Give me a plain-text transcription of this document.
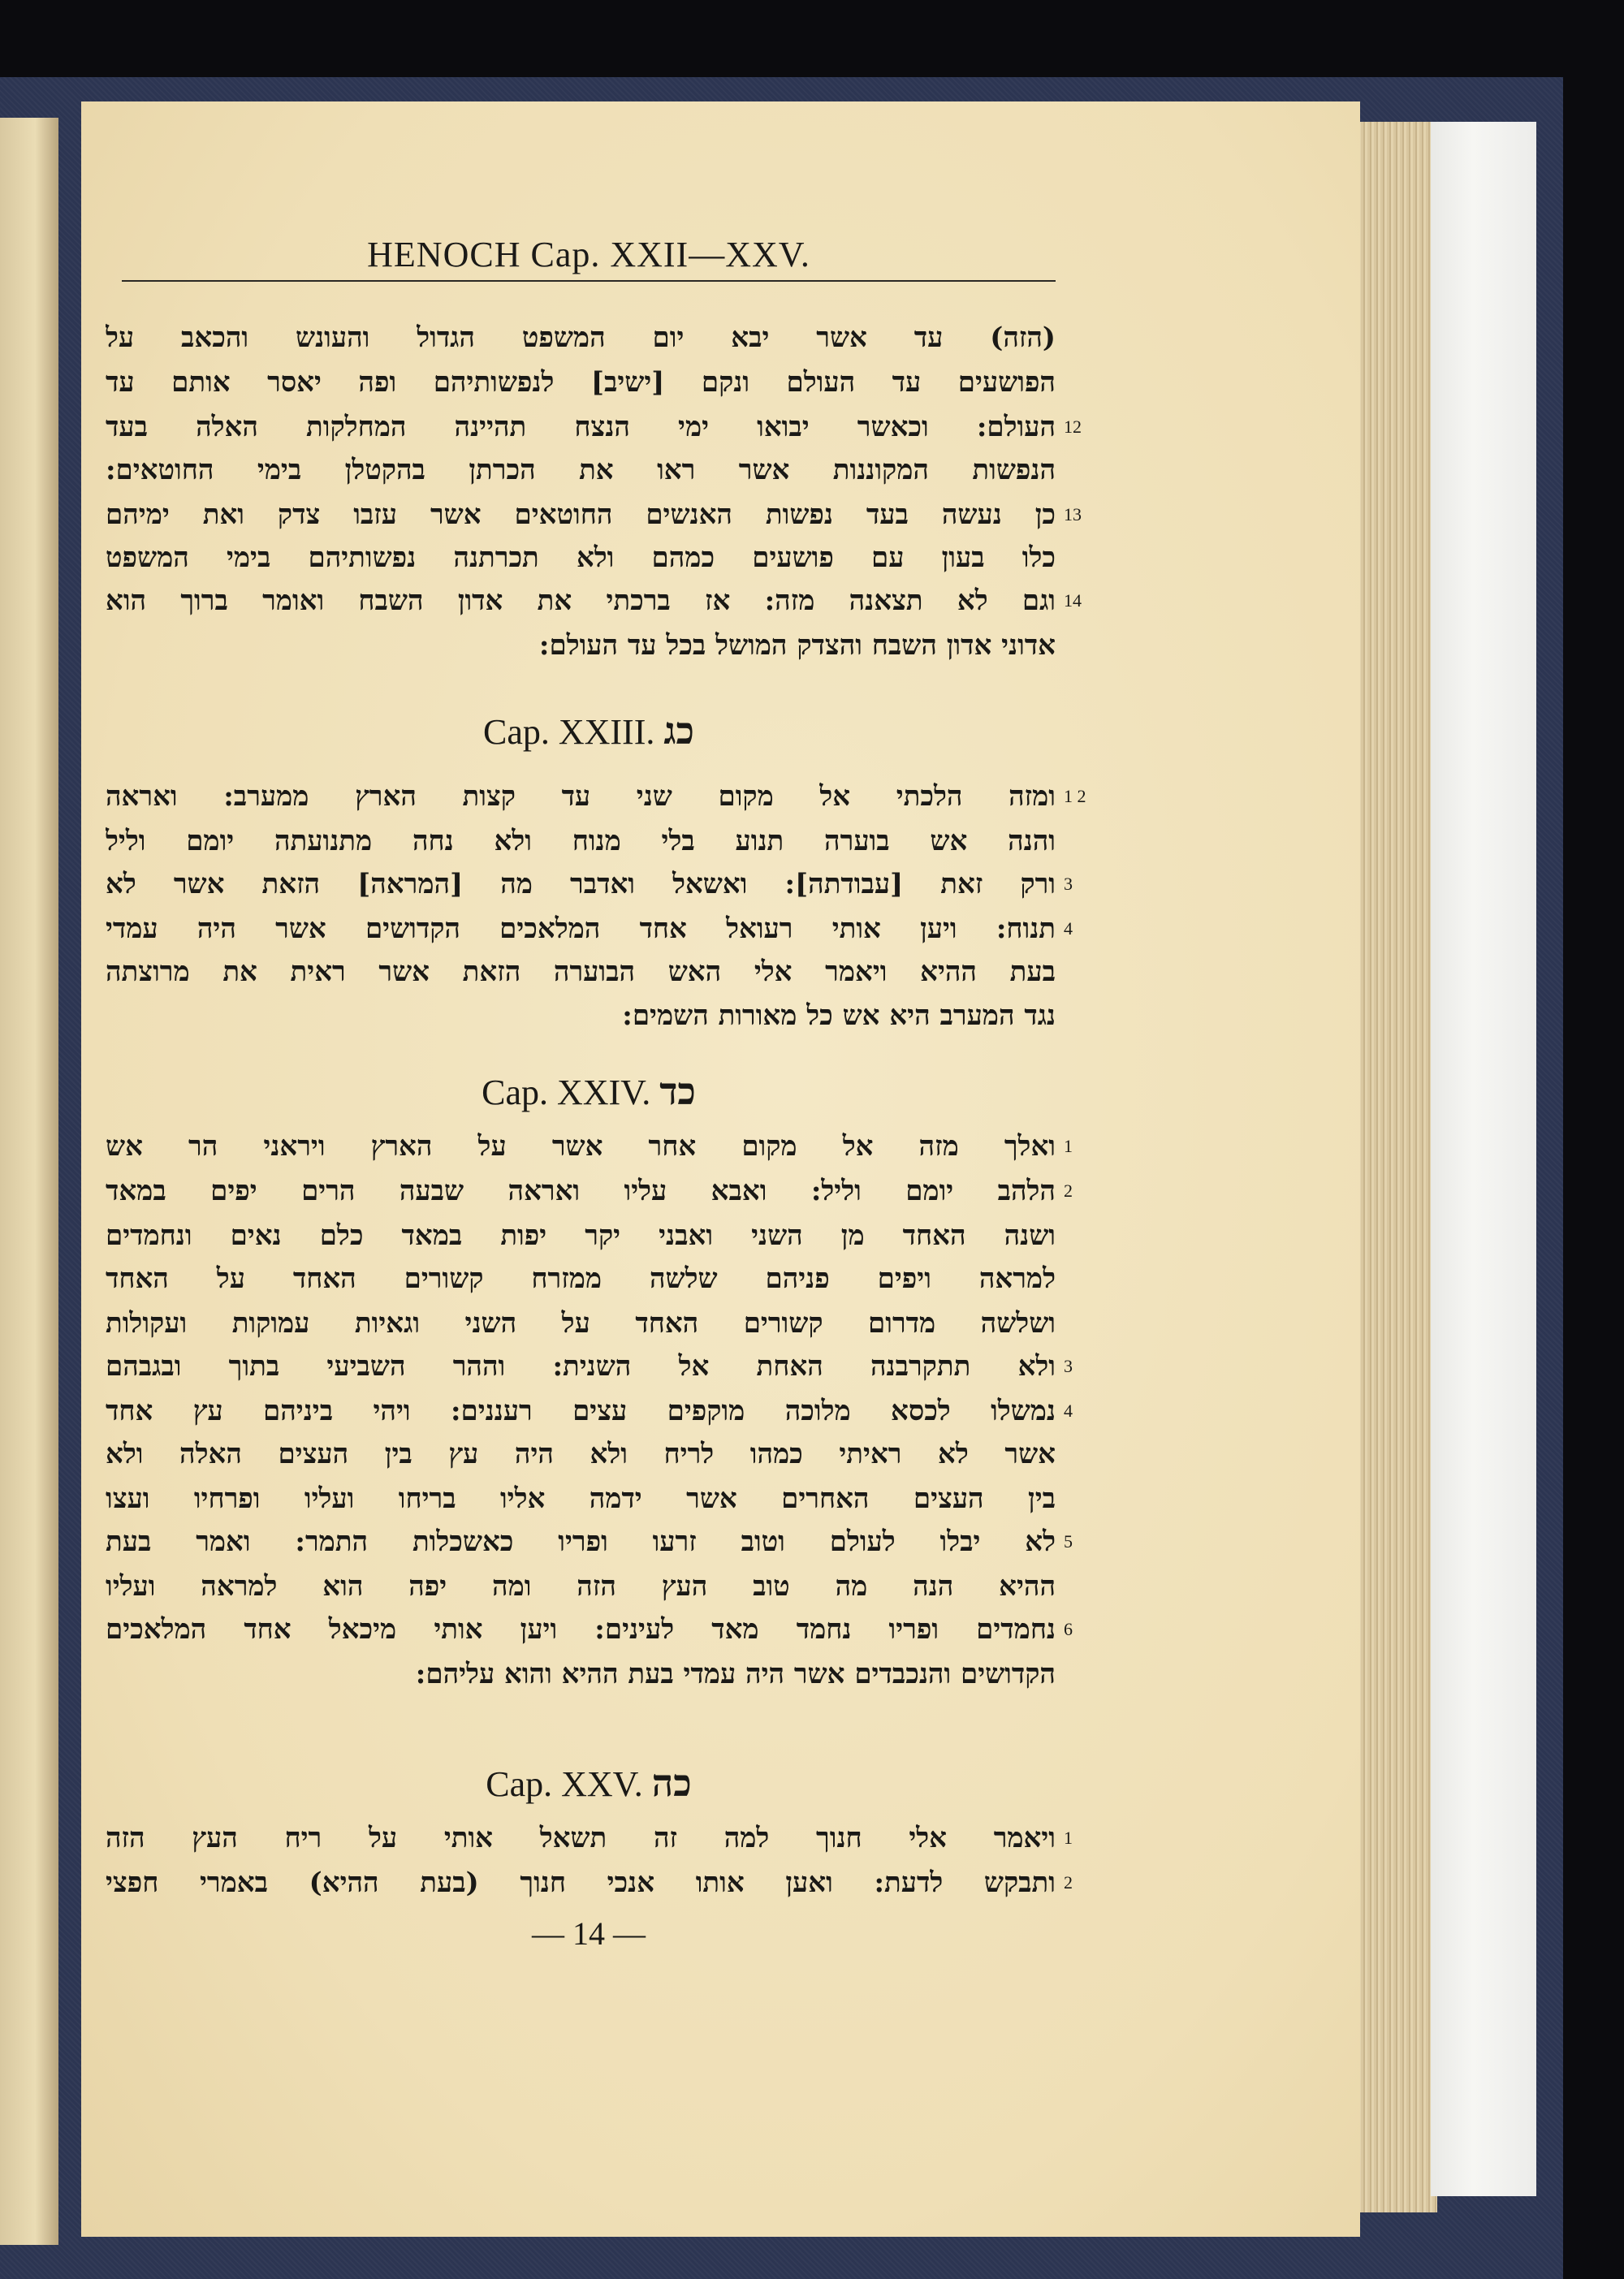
HENOCH Cap. XXII—XXV.
(הזה) עד אשר יבא יום המשפט הגדול והעונש והכאב על
הפושעים עד העולם ונקם [ישיב] לנפשותיהם ופה יאסר אותם עד
העולם: וכאשר יבואו ימי הנצח תהיינה המחלקות האלה בעד 12
הנפשות המקוננות אשר ראו את הכרתן בהקטלן בימי החוטאים:
כן נעשה בעד נפשות האנשים החוטאים אשר עזבו צדק ואת ימיהם 13
כלו בעון עם פושעים כמהם ולא תכרתנה נפשותיהם בימי המשפט
וגם לא תצאנה מזה: אז ברכתי את אדון השבח ואומר ברוך הוא 14
אדוני אדון השבח והצדק המושל בכל עד העולם:
Cap. XXIII. כג
ומזה הלכתי אל מקום שני עד קצות הארץ ממערב: ואראה 1 2
והנה אש בוערה תנוע בלי מנוח ולא נחה מתנועתה יומם וליל
ורק זאת [עבודתה]: ואשאל ואדבר מה [המראה] הזאת אשר לא 3
תנוח: ויען אותי רעואל אחד המלאכים הקדושים אשר היה עמדי 4
בעת ההיא ויאמר אלי האש הבוערה הזאת אשר ראית את מרוצתה
נגד המערב היא אש כל מאורות השמים:
Cap. XXIV. כד
ואלך מזה אל מקום אחר אשר על הארץ ויראני הר אש 1
הלהב יומם וליל: ואבא עליו ואראה שבעה הרים יפים במאד 2
ושנה האחד מן השני ואבני יקר יפות במאד כלם נאים ונחמדים
למראה ויפים פניהם שלשה ממזרח קשורים האחד על האחד
ושלשה מדרום קשורים האחד על השני וגאיות עמוקות ועקולות
ולא תתקרבנה האחת אל השנית: וההר השביעי בתוך ובגבהם 3
נמשלו לכסא מלוכה מוקפים עצים רעננים: ויהי ביניהם עץ אחד 4
אשר לא ראיתי כמהו לריח ולא היה עץ בין העצים האלה ולא
בין העצים האחרים אשר ידמה אליו בריחו ועליו ופרחיו ועצו
לא יבלו לעולם וטוב זרעו ופריו כאשכלות התמר: ואמר בעת 5
ההיא הנה מה טוב העץ הזה ומה יפה הוא למראה ועליו
נחמדים ופריו נחמד מאד לעינים: ויען אותי מיכאל אחד המלאכים 6
הקדושים והנכבדים אשר היה עמדי בעת ההיא והוא עליהם:
Cap. XXV. כה
ויאמר אלי חנוך למה זה תשאל אותי על ריח העץ הזה 1
ותבקש לדעת: ואען אותו אנכי חנוך (בעת ההיא) באמרי חפצי 2
— 14 —
